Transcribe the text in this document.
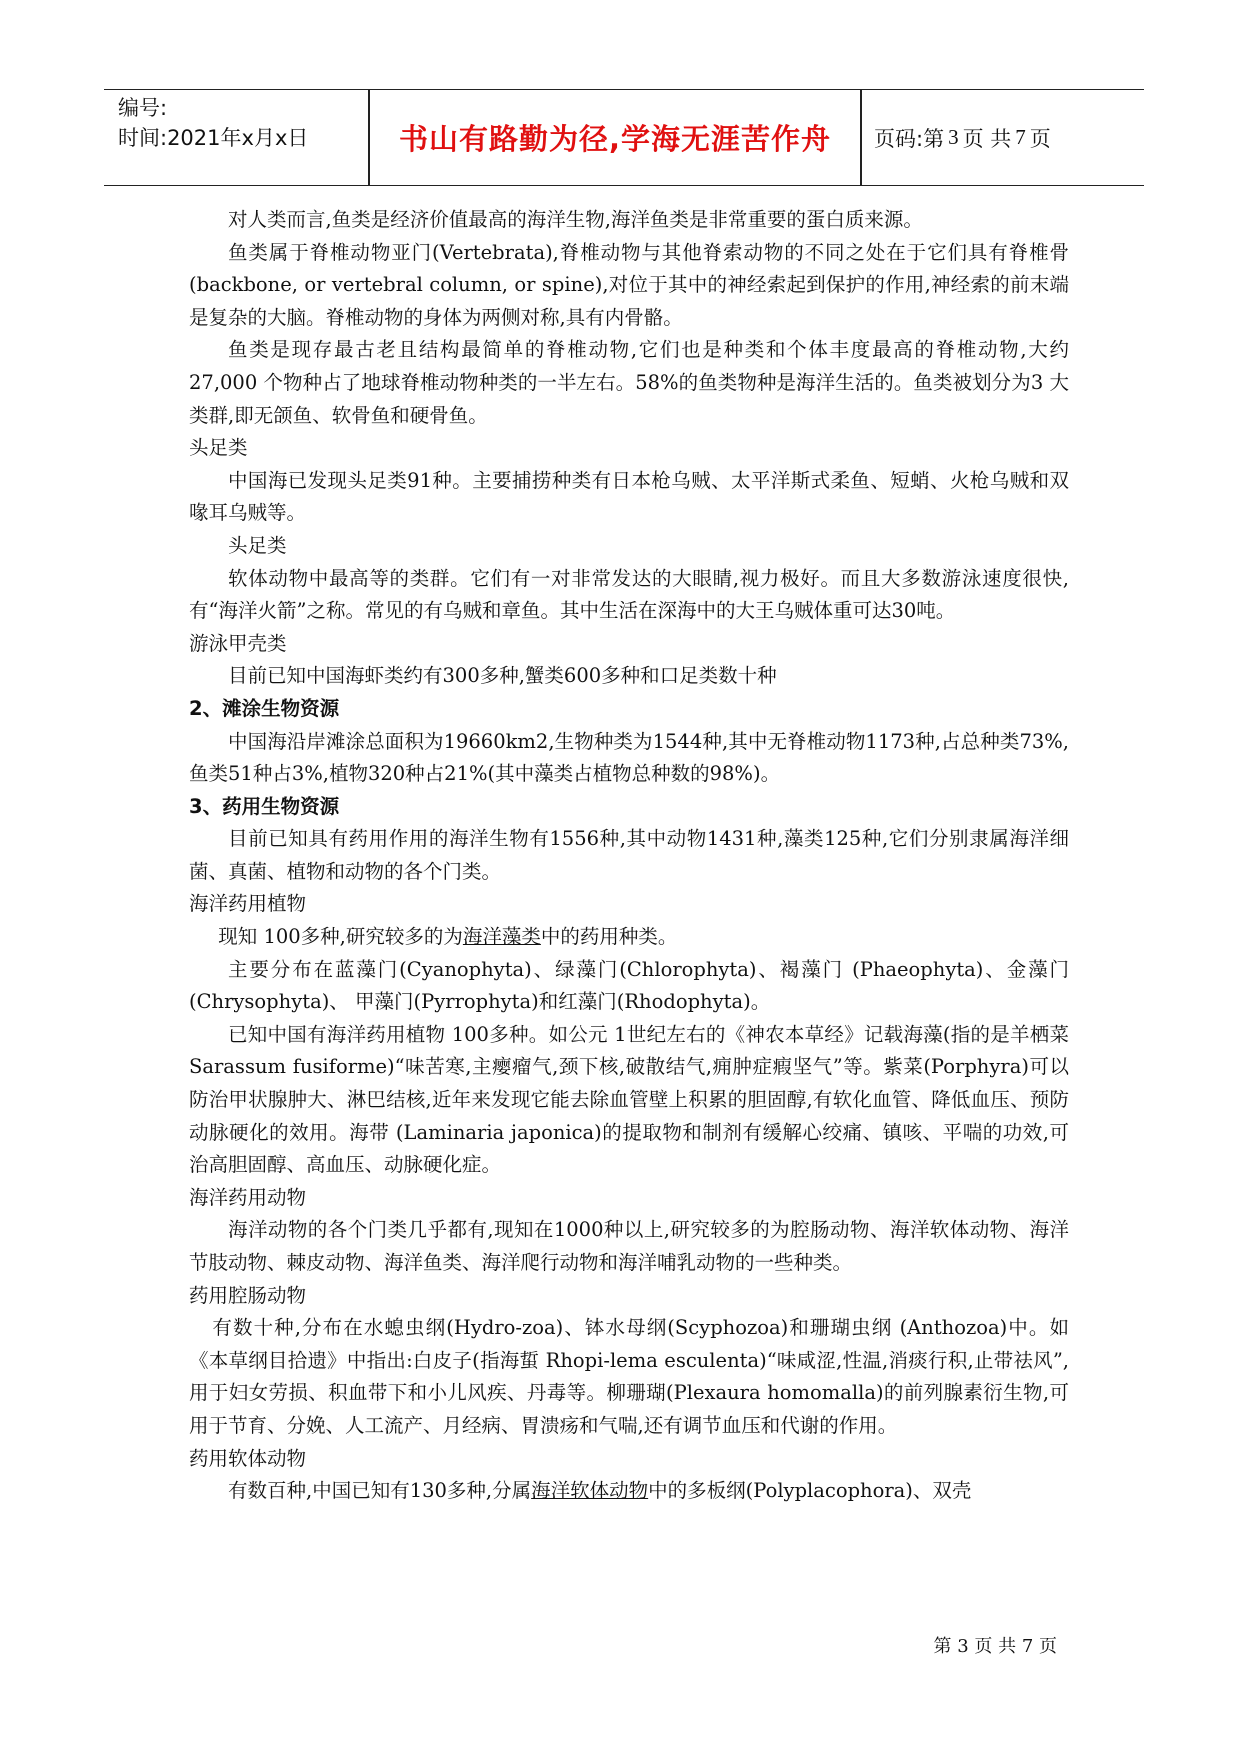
编号:
时间:2021年x月x日	书山有路勤为径,学海无涯苦作舟	页码:第 3 页 共 7 页

对人类而言,鱼类是经济价值最高的海洋生物,海洋鱼类是非常重要的蛋白质来源。

鱼类属于脊椎动物亚门(Vertebrata),脊椎动物与其他脊索动物的不同之处在于它们具有脊椎骨(backbone, or vertebral column, or spine),对位于其中的神经索起到保护的作用,神经索的前末端是复杂的大脑。脊椎动物的身体为两侧对称,具有内骨骼。

鱼类是现存最古老且结构最简单的脊椎动物,它们也是种类和个体丰度最高的脊椎动物,大约27,000 个物种占了地球脊椎动物种类的一半左右。58%的鱼类物种是海洋生活的。鱼类被划分为3 大类群,即无颌鱼、软骨鱼和硬骨鱼。

头足类

中国海已发现头足类91种。主要捕捞种类有日本枪乌贼、太平洋斯式柔鱼、短蛸、火枪乌贼和双喙耳乌贼等。

头足类

软体动物中最高等的类群。它们有一对非常发达的大眼睛,视力极好。而且大多数游泳速度很快,有“海洋火箭”之称。常见的有乌贼和章鱼。其中生活在深海中的大王乌贼体重可达30吨。

游泳甲壳类

目前已知中国海虾类约有300多种,蟹类600多种和口足类数十种

2、滩涂生物资源

中国海沿岸滩涂总面积为19660km2,生物种类为1544种,其中无脊椎动物1173种,占总种类73%,鱼类51种占3%,植物320种占21%(其中藻类占植物总种数的98%)。

3、药用生物资源

目前已知具有药用作用的海洋生物有1556种,其中动物1431种,藻类125种,它们分别隶属海洋细菌、真菌、植物和动物的各个门类。

海洋药用植物

现知 100多种,研究较多的为海洋藻类中的药用种类。

主要分布在蓝藻门(Cyanophyta)、绿藻门(Chlorophyta)、褐藻门 (Phaeophyta)、金藻门(Chrysophyta)、 甲藻门(Pyrrophyta)和红藻门(Rhodophyta)。

已知中国有海洋药用植物 100多种。如公元 1世纪左右的《神农本草经》记载海藻(指的是羊栖菜Sarassum fusiforme)“味苦寒,主瘿瘤气,颈下核,破散结气,痈肿症瘕坚气”等。紫菜(Porphyra)可以防治甲状腺肿大、淋巴结核,近年来发现它能去除血管壁上积累的胆固醇,有软化血管、降低血压、预防动脉硬化的效用。海带 (Laminaria japonica)的提取物和制剂有缓解心绞痛、镇咳、平喘的功效,可治高胆固醇、高血压、动脉硬化症。

海洋药用动物

海洋动物的各个门类几乎都有,现知在1000种以上,研究较多的为腔肠动物、海洋软体动物、海洋节肢动物、棘皮动物、海洋鱼类、海洋爬行动物和海洋哺乳动物的一些种类。

药用腔肠动物

有数十种,分布在水螅虫纲(Hydro-zoa)、钵水母纲(Scyphozoa)和珊瑚虫纲 (Anthozoa)中。如《本草纲目拾遗》中指出:白皮子(指海蜇 Rhopi-lema esculenta)“味咸涩,性温,消痰行积,止带祛风”,用于妇女劳损、积血带下和小儿风疾、丹毒等。柳珊瑚(Plexaura homomalla)的前列腺素衍生物,可用于节育、分娩、人工流产、月经病、胃溃疡和气喘,还有调节血压和代谢的作用。

药用软体动物

有数百种,中国已知有130多种,分属海洋软体动物中的多板纲(Polyplacophora)、双壳

第 3 页 共 7 页
